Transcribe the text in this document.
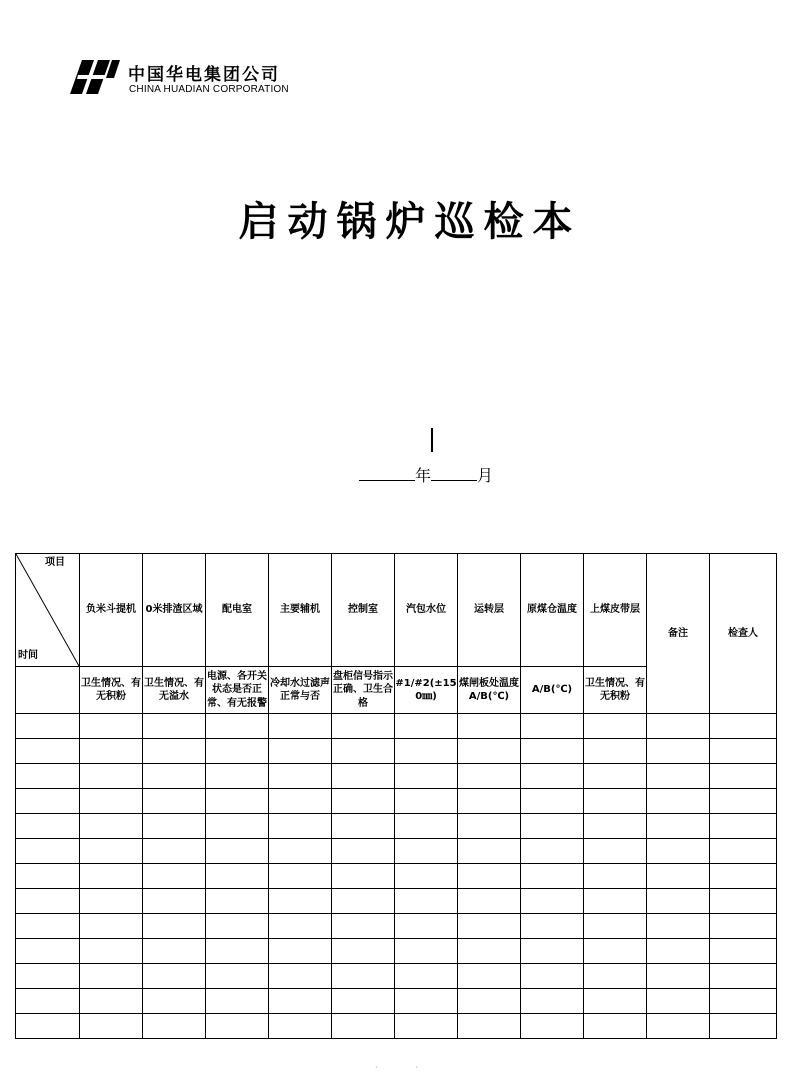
中国华电集团公司
CHINA HUADIAN CORPORATION
启动锅炉巡检本
年	月
项目
时间	负米斗提机	0米排渣区域	配电室	主要辅机	控制室	汽包水位	运转层	原煤仓温度	上煤皮带层	备注	检查人
	卫生情况、有无积粉	卫生情况、有无溢水	电源、各开关状态是否正常、有无报警	冷却水过滤声正常与否	盘柜信号指示正确、卫生合格	#1/#2(±150㎜)	煤闸板处温度 A/B(℃)	A/B(℃)	卫生情况、有无积粉		

··
